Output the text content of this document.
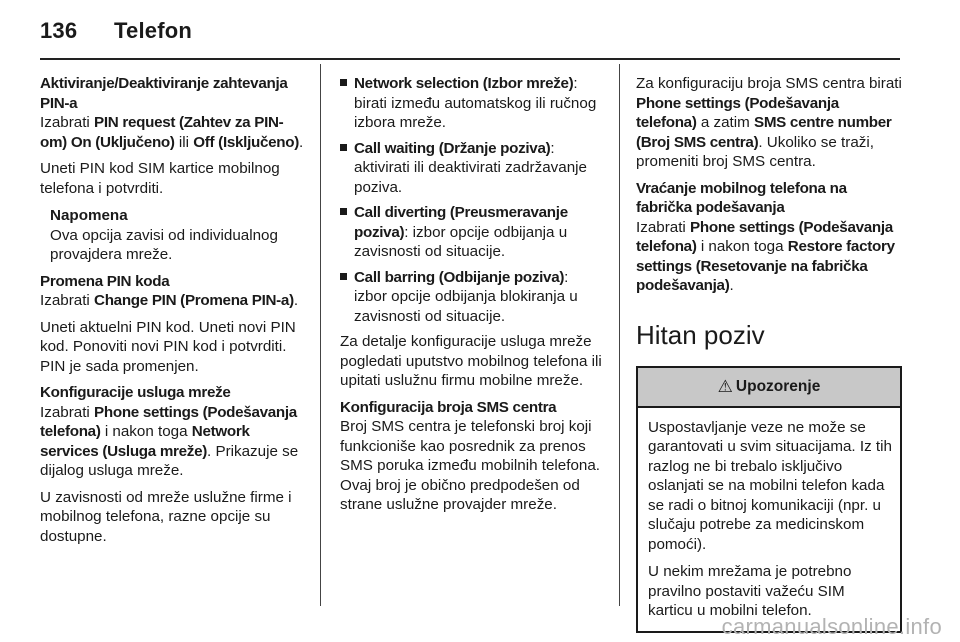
136	Telefon

Aktiviranje/Deaktiviranje zahtevanja PIN-a

Izabrati PIN request (Zahtev za PIN-om) On (Uključeno) ili Off (Isključeno).

Uneti PIN kod SIM kartice mobilnog telefona i potvrditi.

Napomena

Ova opcija zavisi od individualnog provajdera mreže.

Promena PIN koda

Izabrati Change PIN (Promena PIN-a).

Uneti aktuelni PIN kod. Uneti novi PIN kod. Ponoviti novi PIN kod i potvrditi. PIN je sada promenjen.

Konfiguracije usluga mreže

Izabrati Phone settings (Podešavanja telefona) i nakon toga Network services (Usluga mreže). Prikazuje se dijalog usluga mreže.

U zavisnosti od mreže uslužne firme i mobilnog telefona, razne opcije su dostupne.

Network selection (Izbor mreže): birati između automatskog ili ručnog izbora mreže.
Call waiting (Držanje poziva): aktivirati ili deaktivirati zadržavanje poziva.
Call diverting (Preusmeravanje poziva): izbor opcije odbijanja u zavisnosti od situacije.
Call barring (Odbijanje poziva): izbor opcije odbijanja blokiranja u zavisnosti od situacije.

Za detalje konfiguracije usluga mreže pogledati uputstvo mobilnog telefona ili upitati uslužnu firmu mobilne mreže.

Konfiguracija broja SMS centra

Broj SMS centra je telefonski broj koji funkcioniše kao posrednik za prenos SMS poruka između mobilnih telefona. Ovaj broj je obično predpodešen od strane uslužne provajder mreže.

Za konfiguraciju broja SMS centra birati Phone settings (Podešavanja telefona) a zatim SMS centre number (Broj SMS centra). Ukoliko se traži, promeniti broj SMS centra.

Vraćanje mobilnog telefona na fabrička podešavanja

Izabrati Phone settings (Podešavanja telefona) i nakon toga Restore factory settings (Resetovanje na fabrička podešavanja).

Hitan poziv
⚠ Upozorenje

Uspostavljanje veze ne može se garantovati u svim situacijama. Iz tih razlog ne bi trebalo isključivo oslanjati se na mobilni telefon kada se radi o bitnoj komunikaciji (npr. u slučaju potrebe za medicinskom pomoći).

U nekim mrežama je potrebno pravilno postaviti važeću SIM karticu u mobilni telefon.

carmanualsonline.info
